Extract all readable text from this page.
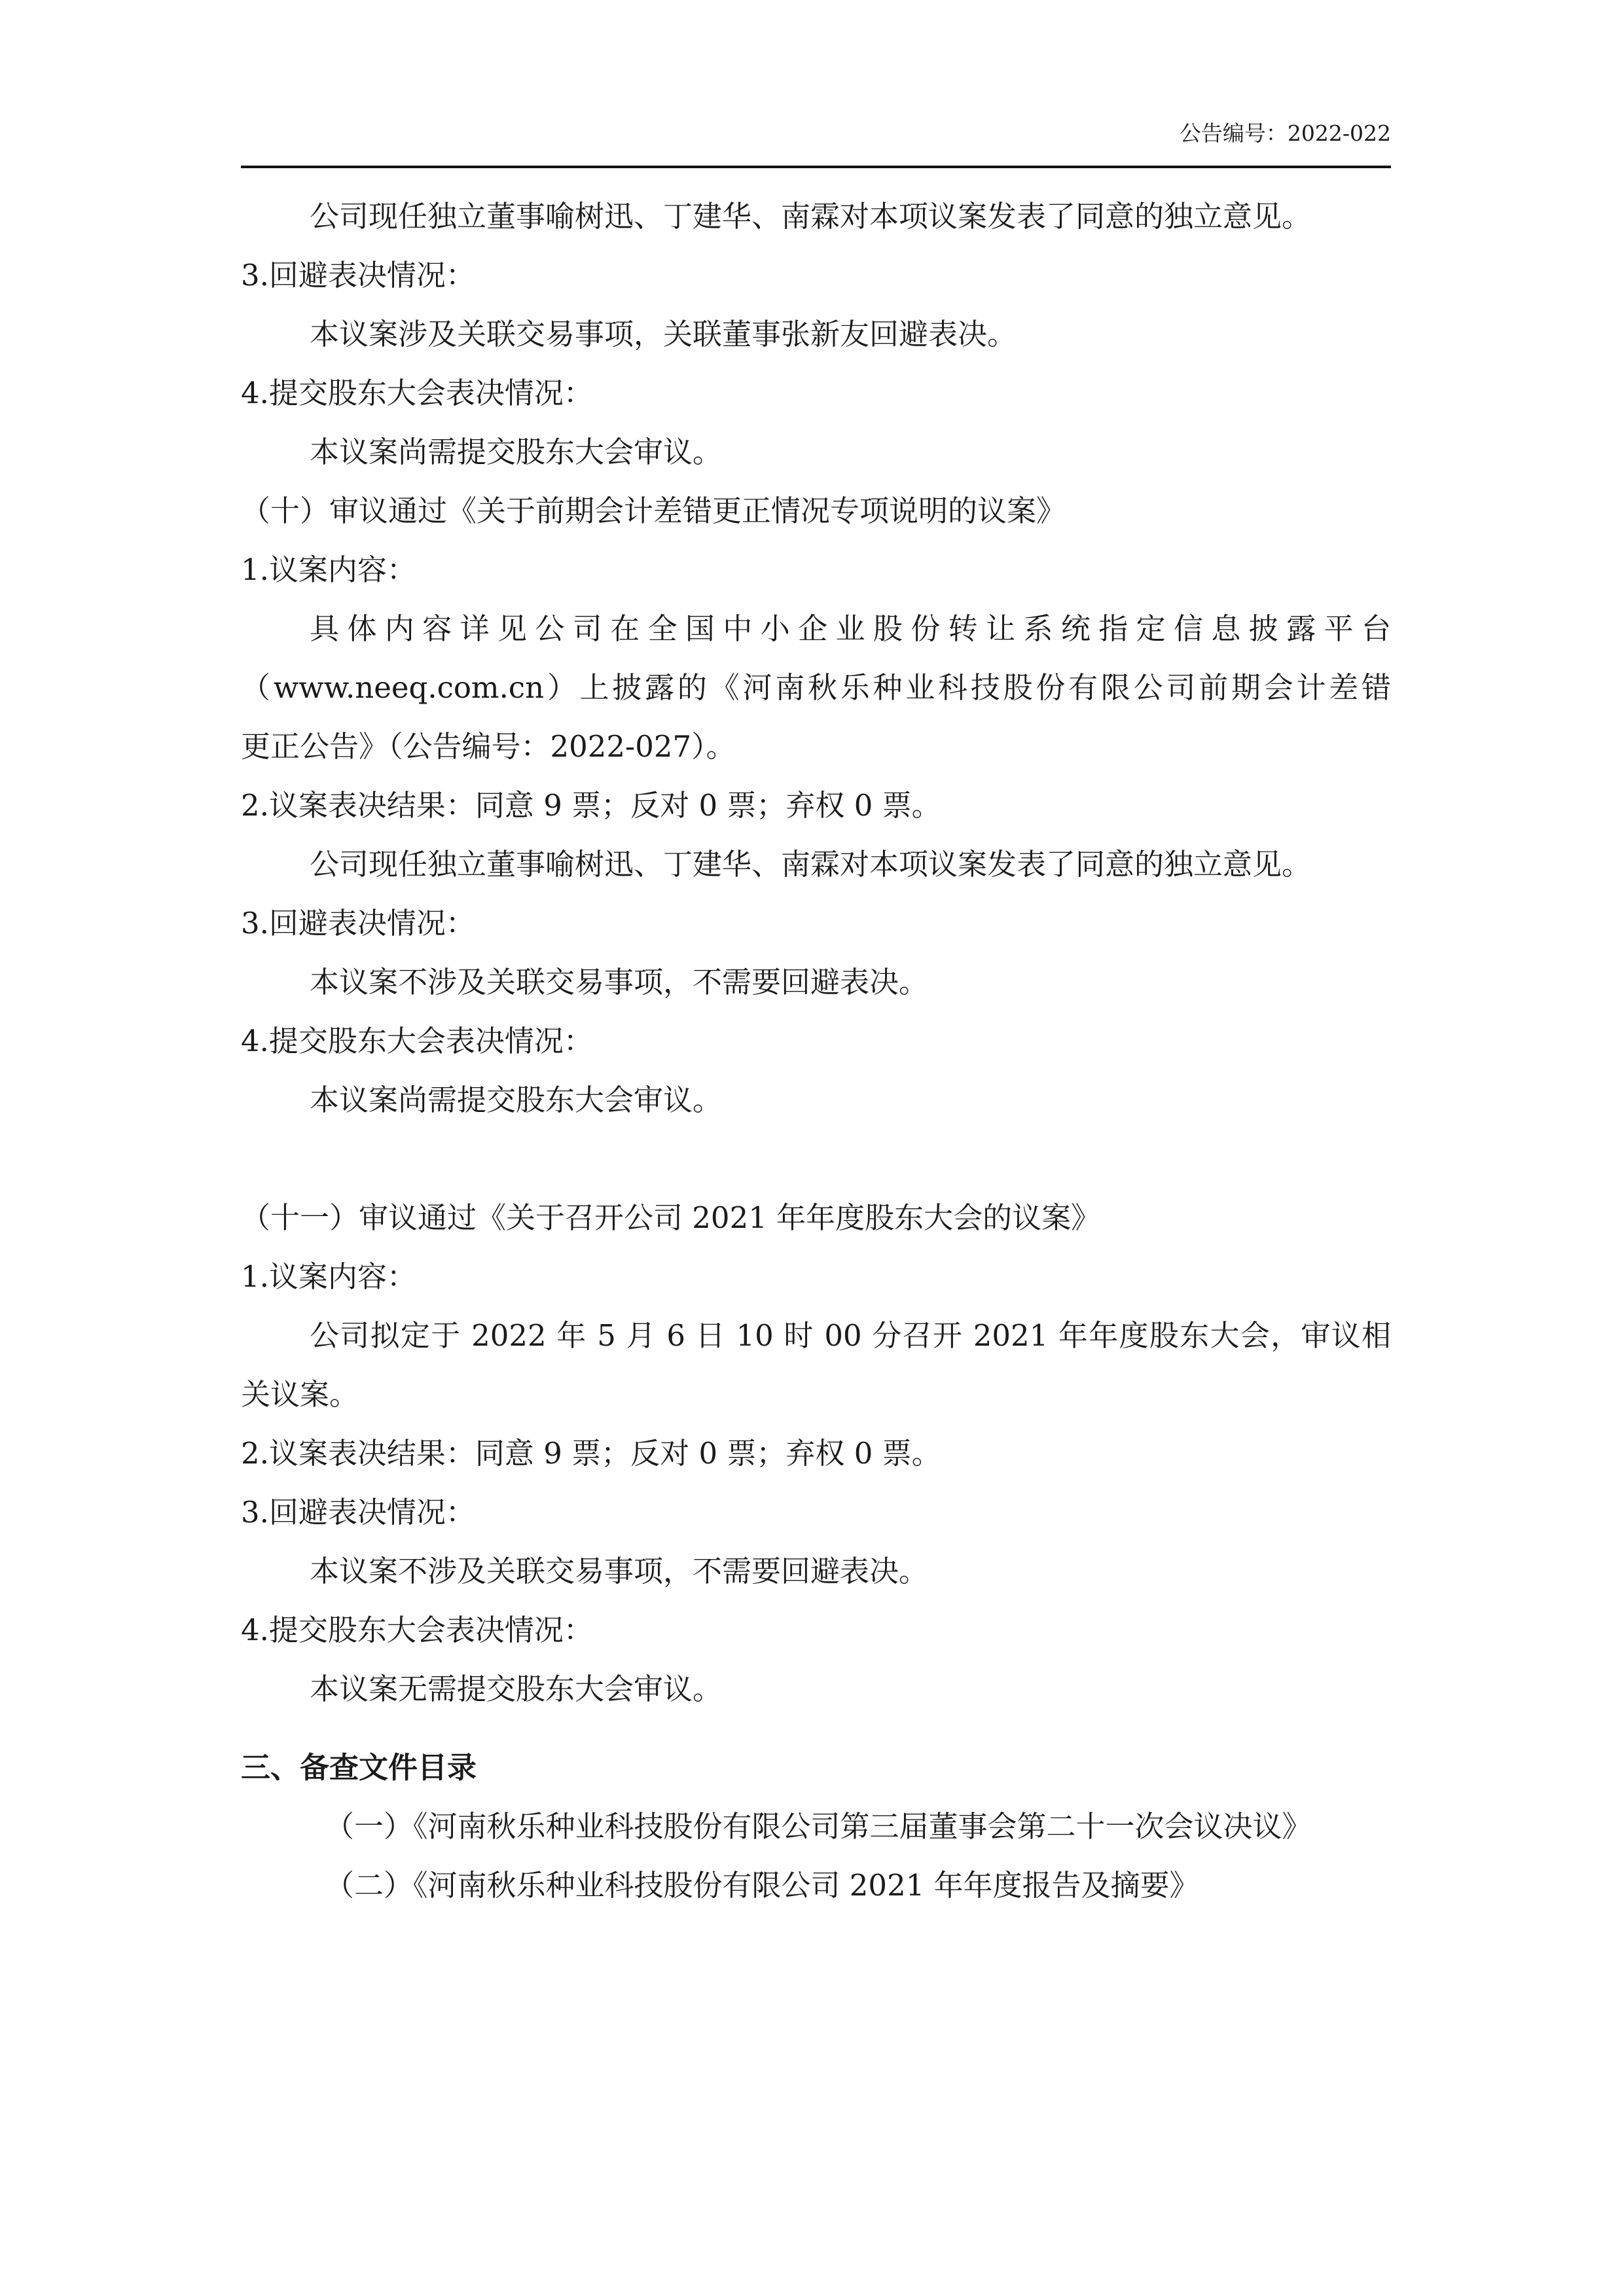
公告编号：2022-022
公司现任独立董事喻树迅、丁建华、南霖对本项议案发表了同意的独立意见。
3.回避表决情况：
本议案涉及关联交易事项，关联董事张新友回避表决。
4.提交股东大会表决情况：
本议案尚需提交股东大会审议。
（十）审议通过《关于前期会计差错更正情况专项说明的议案》
1.议案内容：
具体内容详见公司在全国中小企业股份转让系统指定信息披露平台
（www.neeq.com.cn）上披露的《河南秋乐种业科技股份有限公司前期会计差错
更正公告》（公告编号：2022-027）。
2.议案表决结果：同意 9 票；反对 0 票；弃权 0 票。
公司现任独立董事喻树迅、丁建华、南霖对本项议案发表了同意的独立意见。
3.回避表决情况：
本议案不涉及关联交易事项，不需要回避表决。
4.提交股东大会表决情况：
本议案尚需提交股东大会审议。
（十一）审议通过《关于召开公司 2021 年年度股东大会的议案》
1.议案内容：
公司拟定于 2022 年 5 月 6 日 10 时 00 分召开 2021 年年度股东大会，审议相
关议案。
2.议案表决结果：同意 9 票；反对 0 票；弃权 0 票。
3.回避表决情况：
本议案不涉及关联交易事项，不需要回避表决。
4.提交股东大会表决情况：
本议案无需提交股东大会审议。
三、备查文件目录
（一）《河南秋乐种业科技股份有限公司第三届董事会第二十一次会议决议》
（二）《河南秋乐种业科技股份有限公司 2021 年年度报告及摘要》
